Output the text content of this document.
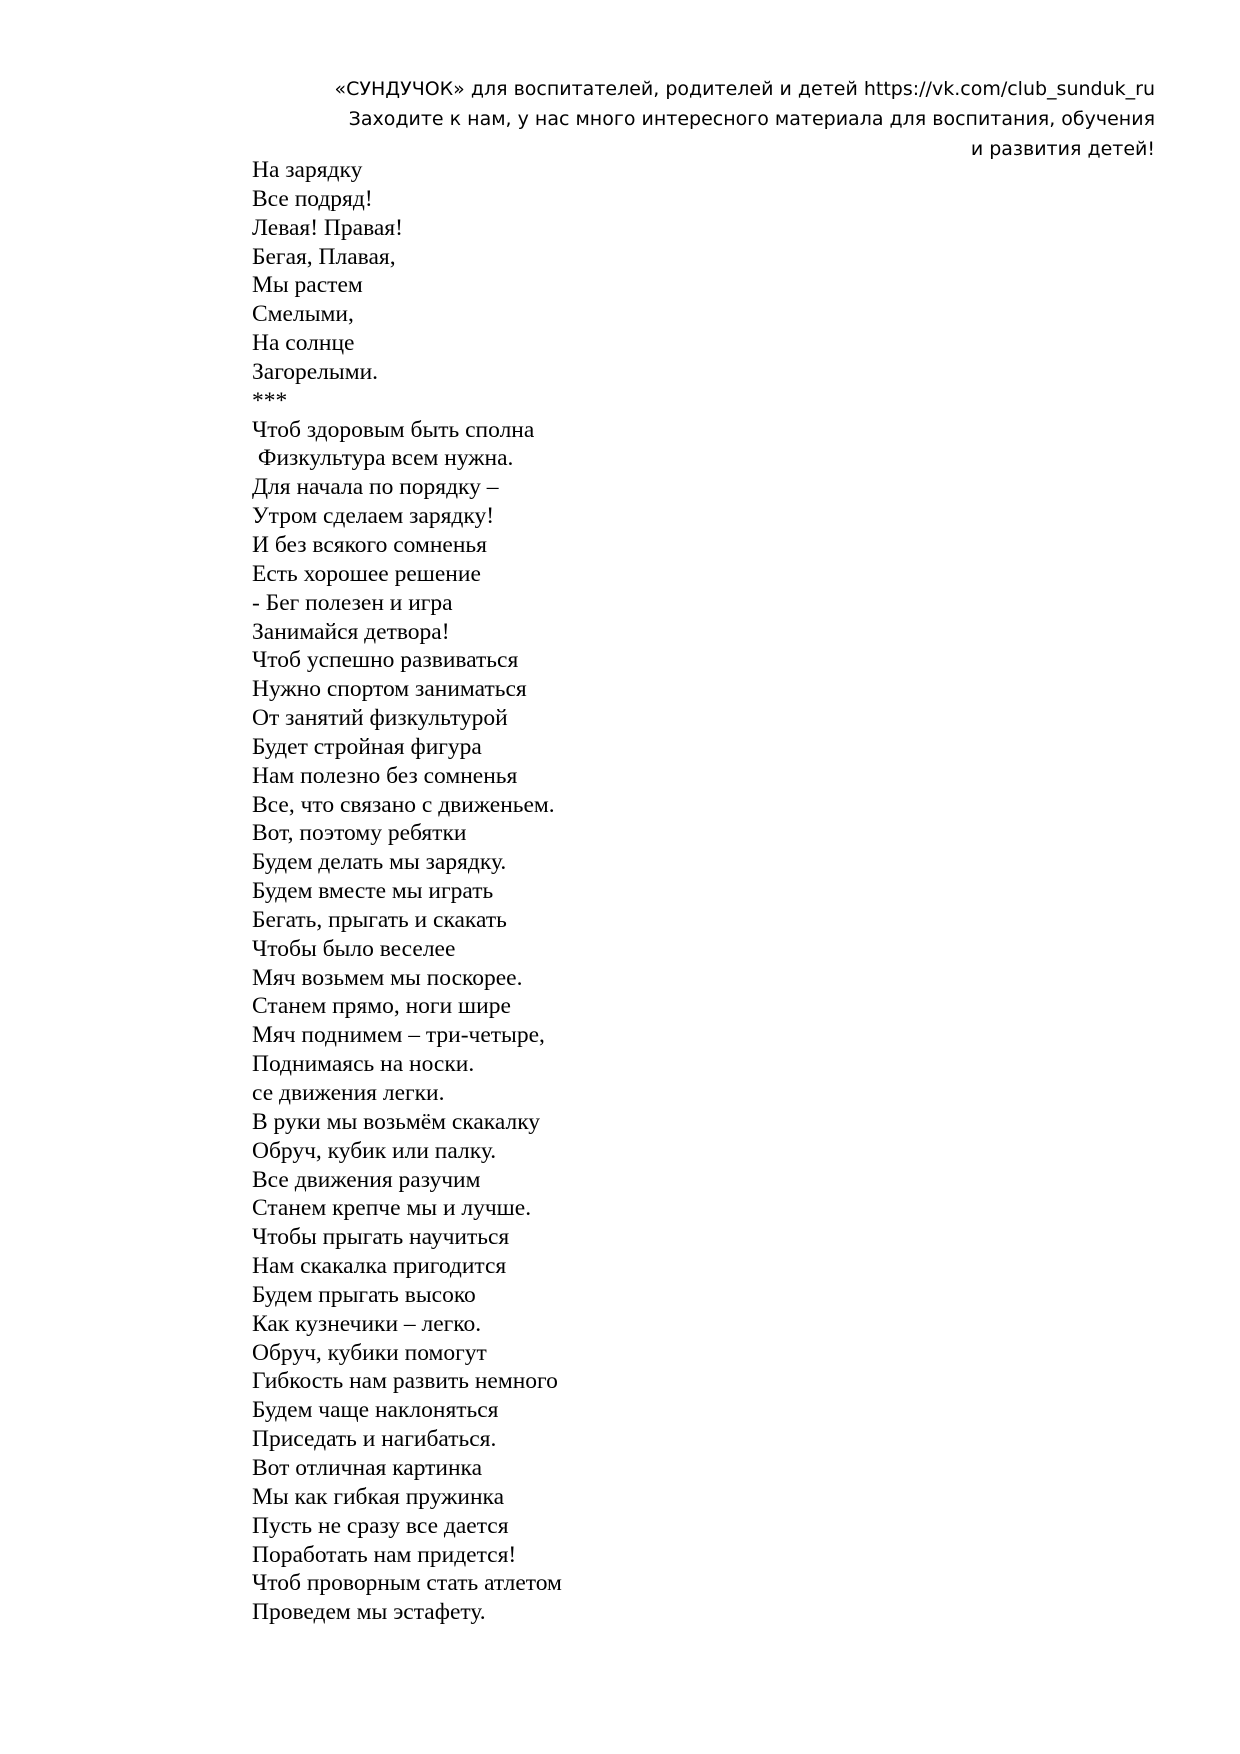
«СУНДУЧОК» для воспитателей, родителей и детей https://vk.com/club_sunduk_ru
Заходите к нам, у нас много интересного материала для воспитания, обучения
и развития детей!
На зарядку
Все подряд!
Левая! Правая!
Бегая, Плавая,
Мы растем
Смелыми,
На солнце
Загорелыми.
***
Чтоб здоровым быть сполна
Физкультура всем нужна.
Для начала по порядку –
Утром сделаем зарядку!
И без всякого сомненья
Есть хорошее решение
- Бег полезен и игра
Занимайся детвора!
Чтоб успешно развиваться
Нужно спортом заниматься
От занятий физкультурой
Будет стройная фигура
Нам полезно без сомненья
Все, что связано с движеньем.
Вот, поэтому ребятки
Будем делать мы зарядку.
Будем вместе мы играть
Бегать, прыгать и скакать
Чтобы было веселее
Мяч возьмем мы поскорее.
Станем прямо, ноги шире
Мяч поднимем – три-четыре,
Поднимаясь на носки.
се движения легки.
В руки мы возьмём скакалку
Обруч, кубик или палку.
Все движения разучим
Станем крепче мы и лучше.
Чтобы прыгать научиться
Нам скакалка пригодится
Будем прыгать высоко
Как кузнечики – легко.
Обруч, кубики помогут
Гибкость нам развить немного
Будем чаще наклоняться
Приседать и нагибаться.
Вот отличная картинка
Мы как гибкая пружинка
Пусть не сразу все дается
Поработать нам придется!
Чтоб проворным стать атлетом
Проведем мы эстафету.
